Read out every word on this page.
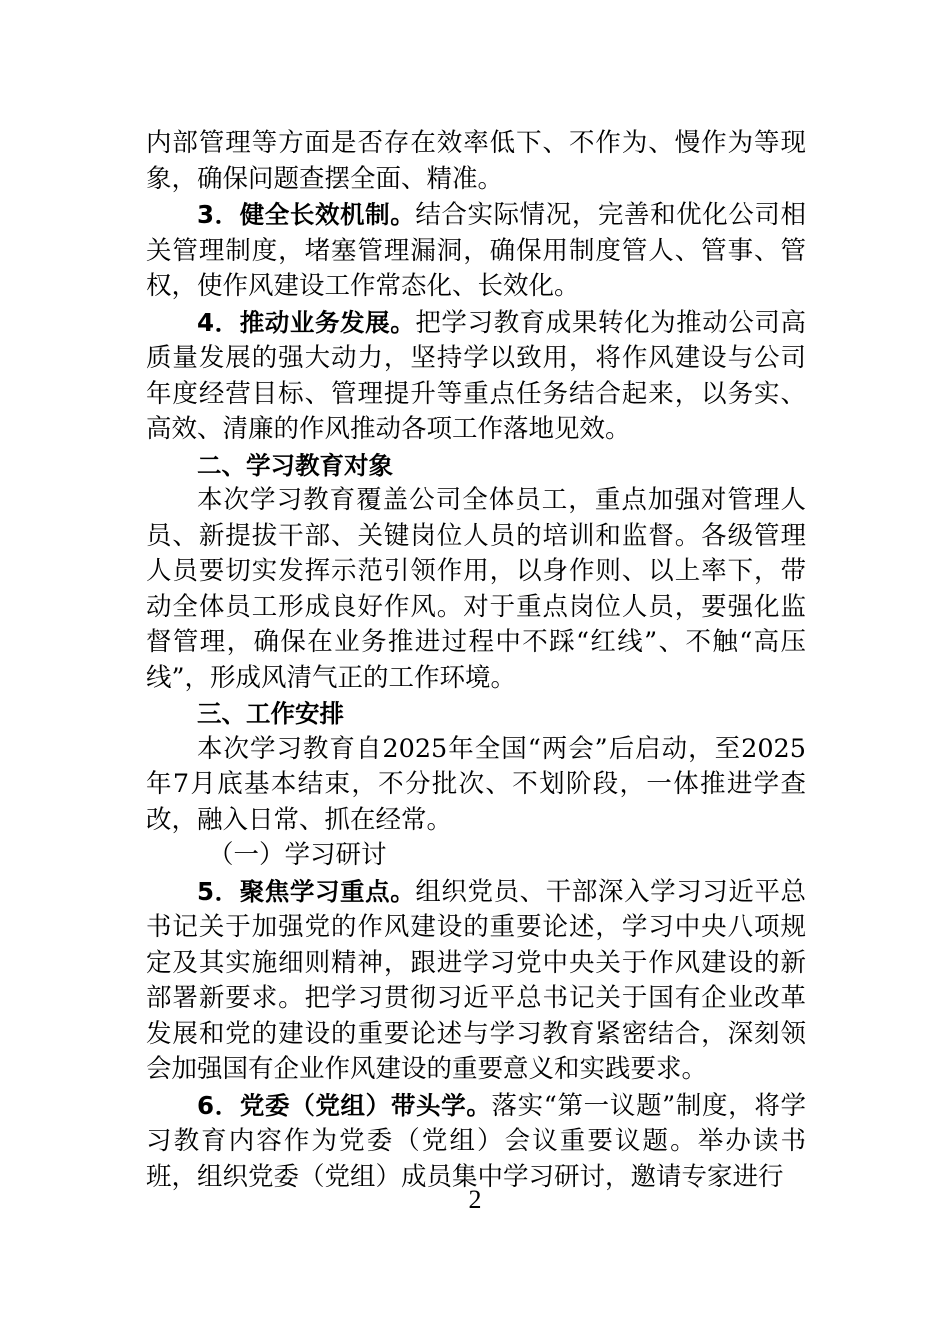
内部管理等方面是否存在效率低下、不作为、慢作为等现象，确保问题查摆全面、精准。

3．健全长效机制。结合实际情况，完善和优化公司相关管理制度，堵塞管理漏洞，确保用制度管人、管事、管权，使作风建设工作常态化、长效化。

4．推动业务发展。把学习教育成果转化为推动公司高质量发展的强大动力，坚持学以致用，将作风建设与公司年度经营目标、管理提升等重点任务结合起来，以务实、高效、清廉的作风推动各项工作落地见效。

二、学习教育对象

本次学习教育覆盖公司全体员工，重点加强对管理人员、新提拔干部、关键岗位人员的培训和监督。各级管理人员要切实发挥示范引领作用，以身作则、以上率下，带动全体员工形成良好作风。对于重点岗位人员，要强化监督管理，确保在业务推进过程中不踩“红线”、不触“高压线”，形成风清气正的工作环境。

三、工作安排

本次学习教育自2025年全国“两会”后启动，至2025年7月底基本结束，不分批次、不划阶段，一体推进学查改，融入日常、抓在经常。

（一）学习研讨

5．聚焦学习重点。组织党员、干部深入学习习近平总书记关于加强党的作风建设的重要论述，学习中央八项规定及其实施细则精神，跟进学习党中央关于作风建设的新部署新要求。把学习贯彻习近平总书记关于国有企业改革发展和党的建设的重要论述与学习教育紧密结合，深刻领会加强国有企业作风建设的重要意义和实践要求。

6．党委（党组）带头学。落实“第一议题”制度，将学习教育内容作为党委（党组）会议重要议题。举办读书班，组织党委（党组）成员集中学习研讨，邀请专家进行

2
